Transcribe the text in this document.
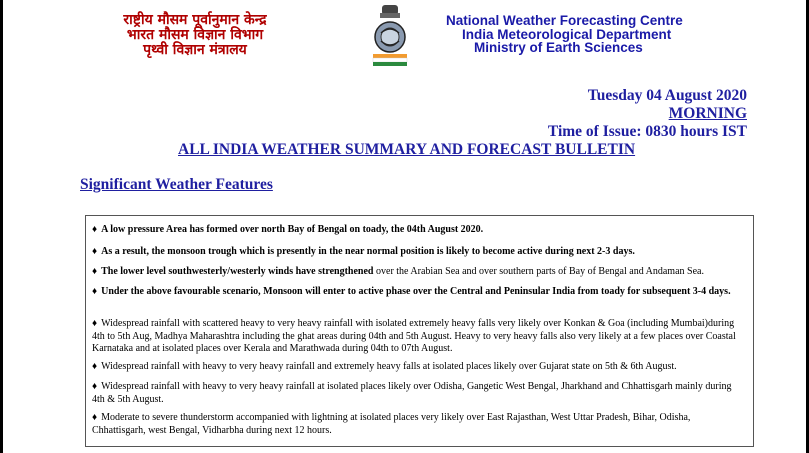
राष्ट्रीय मौसम पूर्वानुमान केन्द्र
भारत मौसम विज्ञान विभाग
पृथ्वी विज्ञान मंत्रालय
National Weather Forecasting Centre
India Meteorological Department
Ministry of Earth Sciences
Tuesday 04 August 2020
MORNING
Time of Issue: 0830 hours IST
ALL INDIA WEATHER SUMMARY AND FORECAST BULLETIN
Significant Weather Features
♦ A low pressure Area has formed over north Bay of Bengal on toady, the 04th August 2020.
♦ As a result, the monsoon trough which is presently in the near normal position is likely to become active during next 2-3 days.
♦ The lower level southwesterly/westerly winds have strengthened over the Arabian Sea and over southern parts of Bay of Bengal and Andaman Sea.
♦ Under the above favourable scenario, Monsoon will enter to active phase over the Central and Peninsular India from toady for subsequent 3-4 days.
♦ Widespread rainfall with scattered heavy to very heavy rainfall with isolated extremely heavy falls very likely over Konkan & Goa (including Mumbai)during 4th to 5th Aug, Madhya Maharashtra including the ghat areas during 04th and 5th August. Heavy to very heavy falls also very likely at a few places over Coastal Karnataka and at isolated places over Kerala and Marathwada during 04th to 07th August.
♦ Widespread rainfall with heavy to very heavy rainfall and extremely heavy falls at isolated places likely over Gujarat state on 5th & 6th August.
♦ Widespread rainfall with heavy to very heavy rainfall at isolated places likely over Odisha, Gangetic West Bengal, Jharkhand and Chhattisgarh mainly during 4th & 5th August.
♦ Moderate to severe thunderstorm accompanied with lightning at isolated places very likely over East Rajasthan, West Uttar Pradesh, Bihar, Odisha, Chhattisgarh, west Bengal, Vidharbha during next 12 hours.
